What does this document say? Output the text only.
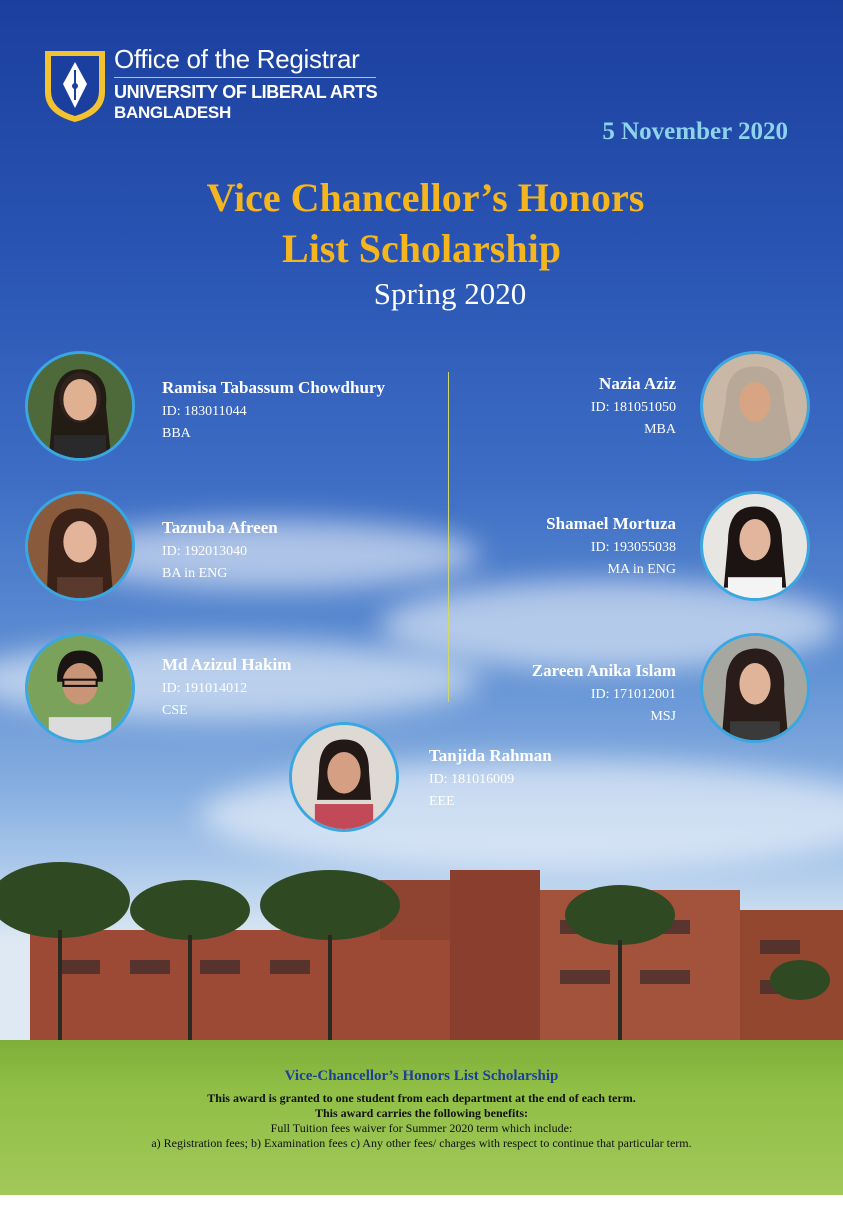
Office of the Registrar
UNIVERSITY OF LIBERAL ARTS
BANGLADESH
5 November 2020
Vice Chancellor’s Honors
List Scholarship
Spring 2020
Ramisa Tabassum Chowdhury
ID: 183011044
BBA
Nazia Aziz
ID: 181051050
MBA
Taznuba Afreen
ID: 192013040
BA in ENG
Shamael Mortuza
ID: 193055038
MA in ENG
Md Azizul Hakim
ID: 191014012
CSE
Zareen Anika Islam
ID: 171012001
MSJ
Tanjida Rahman
ID: 181016009
EEE
Vice-Chancellor’s Honors List Scholarship
This award is granted to one student from each department at the end of each term.
This award carries the following benefits:
Full Tuition fees waiver for Summer 2020 term which include:
a) Registration fees; b) Examination fees c) Any other fees/ charges with respect to continue that particular term.
